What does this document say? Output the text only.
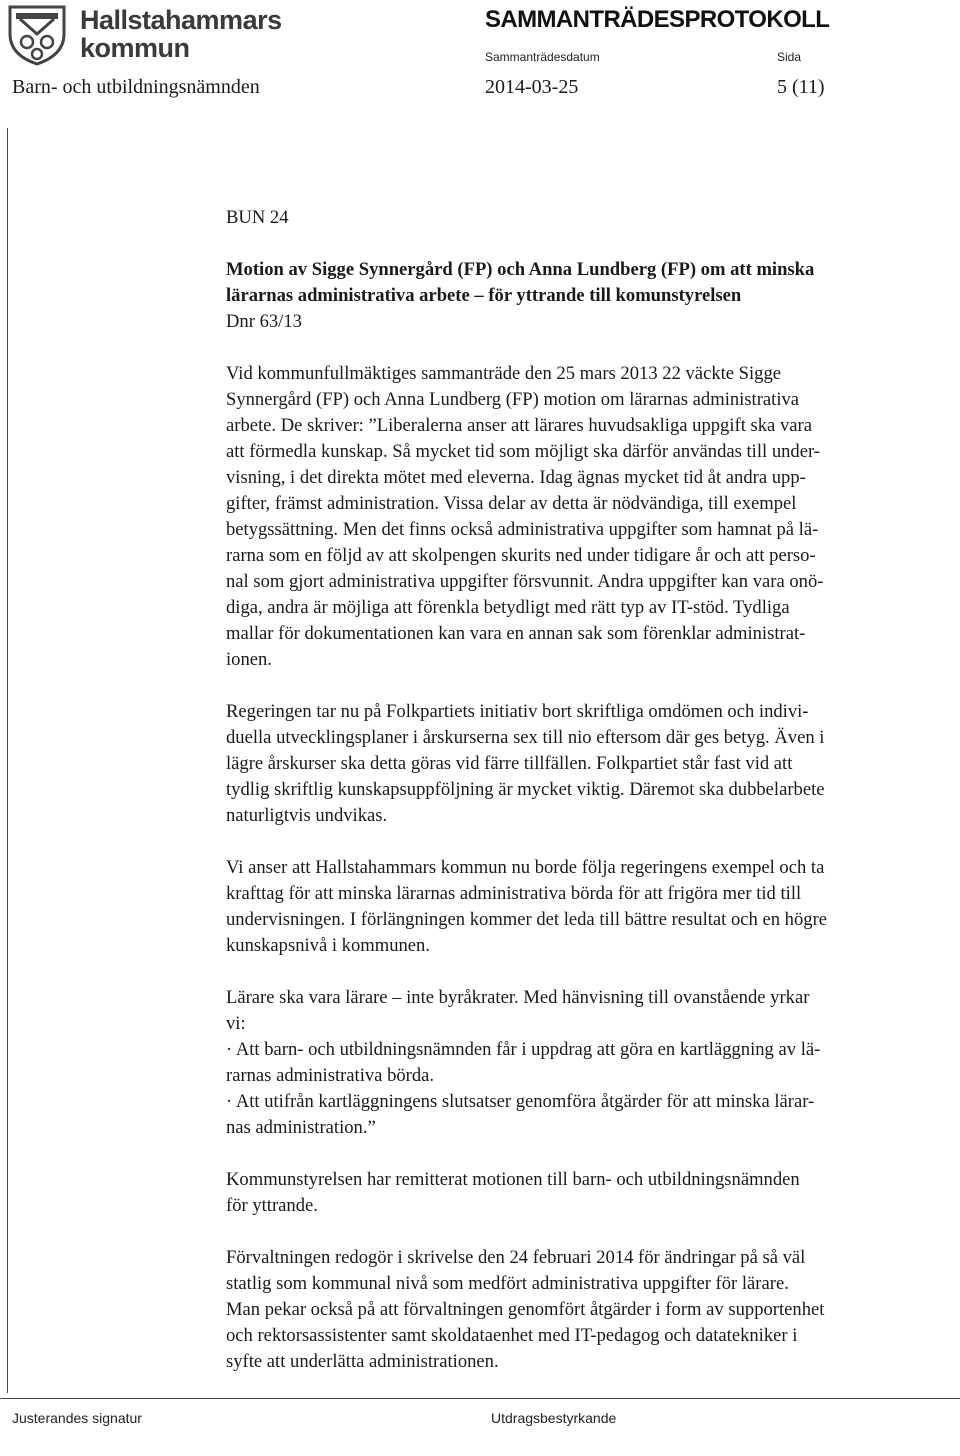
Hallstahammars
kommun
SAMMANTRÄDESPROTOKOLL
Sammanträdesdatum	Sida
Barn- och utbildningsnämnden	2014-03-25	5 (11)

BUN 24

Motion av Sigge Synnergård (FP) och Anna Lundberg (FP) om att minska
lärarnas administrativa arbete – för yttrande till komunstyrelsen

Dnr 63/13

Vid kommunfullmäktiges sammanträde den 25 mars 2013 22 väckte Sigge
Synnergård (FP) och Anna Lundberg (FP) motion om lärarnas administrativa
arbete. De skriver: ”Liberalerna anser att lärares huvudsakliga uppgift ska vara
att förmedla kunskap. Så mycket tid som möjligt ska därför användas till under-
visning, i det direkta mötet med eleverna. Idag ägnas mycket tid åt andra upp-
gifter, främst administration. Vissa delar av detta är nödvändiga, till exempel
betygssättning. Men det finns också administrativa uppgifter som hamnat på lä-
rarna som en följd av att skolpengen skurits ned under tidigare år och att perso-
nal som gjort administrativa uppgifter försvunnit. Andra uppgifter kan vara onö-
diga, andra är möjliga att förenkla betydligt med rätt typ av IT-stöd. Tydliga
mallar för dokumentationen kan vara en annan sak som förenklar administrat-
ionen.

Regeringen tar nu på Folkpartiets initiativ bort skriftliga omdömen och indivi-
duella utvecklingsplaner i årskurserna sex till nio eftersom där ges betyg. Även i
lägre årskurser ska detta göras vid färre tillfällen. Folkpartiet står fast vid att
tydlig skriftlig kunskapsuppföljning är mycket viktig. Däremot ska dubbelarbete
naturligtvis undvikas.

Vi anser att Hallstahammars kommun nu borde följa regeringens exempel och ta
krafttag för att minska lärarnas administrativa börda för att frigöra mer tid till
undervisningen. I förlängningen kommer det leda till bättre resultat och en högre
kunskapsnivå i kommunen.

Lärare ska vara lärare – inte byråkrater. Med hänvisning till ovanstående yrkar
vi:
· Att barn- och utbildningsnämnden får i uppdrag att göra en kartläggning av lä-
rarnas administrativa börda.
· Att utifrån kartläggningens slutsatser genomföra åtgärder för att minska lärar-
nas administration.”

Kommunstyrelsen har remitterat motionen till barn- och utbildningsnämnden
för yttrande.

Förvaltningen redogör i skrivelse den 24 februari 2014 för ändringar på så väl
statlig som kommunal nivå som medfört administrativa uppgifter för lärare.
Man pekar också på att förvaltningen genomfört åtgärder i form av supportenhet
och rektorsassistenter samt skoldataenhet med IT-pedagog och datatekniker i
syfte att underlätta administrationen.

Justerandes signatur	Utdragsbestyrkande
